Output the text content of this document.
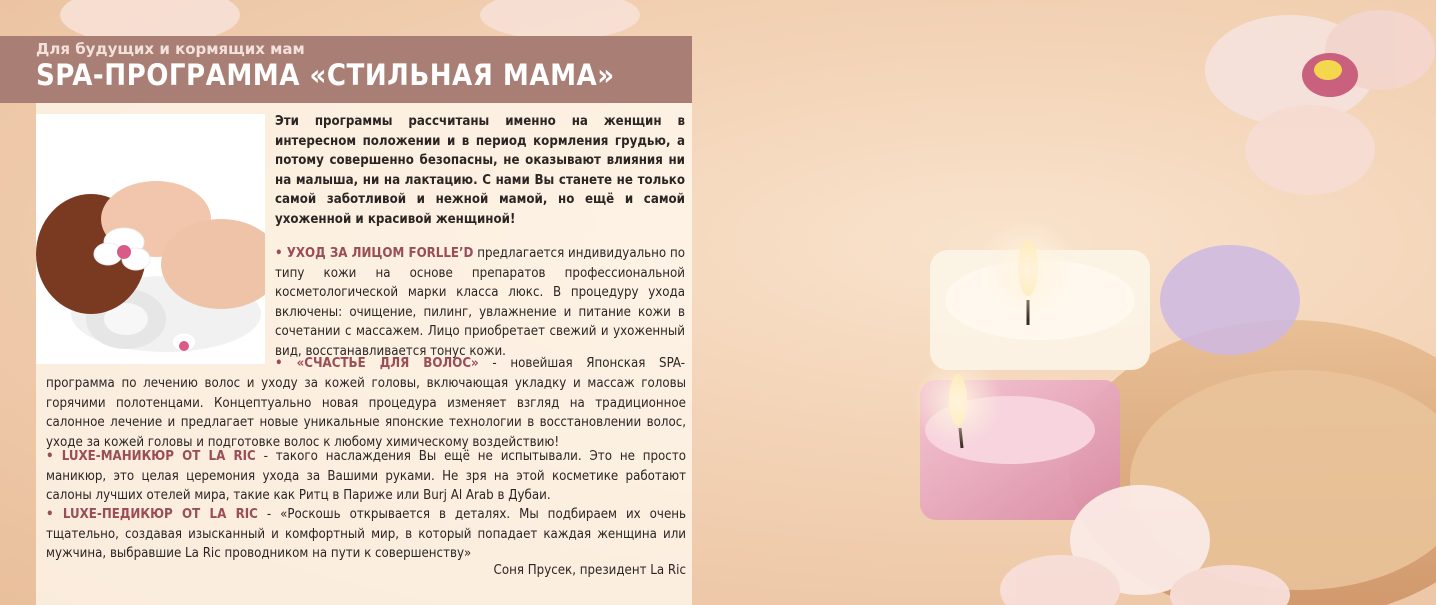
Для будущих и кормящих мам
SPA-ПРОГРАММА «СТИЛЬНАЯ МАМА»
Эти программы рассчитаны именно на женщин в интересном положении и в период кормления грудью, а потому совершенно безопасны, не оказывают влияния ни на малыша, ни на лактацию. С нами Вы станете не только самой заботливой и нежной мамой, но ещё и самой ухоженной и красивой женщиной!
• УХОД ЗА ЛИЦОМ FORLLE’D предлагается индивидуально по типу кожи на основе препаратов профессиональной косметологической марки класса люкс. В процедуру ухода включены: очищение, пилинг, увлажнение и питание кожи в сочетании с массажем. Лицо приобретает свежий и ухоженный вид, восстанавливается тонус кожи.
• «СЧАСТЬЕ ДЛЯ ВОЛОС» - новейшая Японская SPA-
программа по лечению волос и уходу за кожей головы, включающая укладку и массаж головы горячими полотенцами. Концептуально новая процедура изменяет взгляд на традиционное салонное лечение и предлагает новые уникальные японские технологии в восстановлении волос, уходе за кожей головы и подготовке волос к любому химическому воздействию!
• LUXE-МАНИКЮР ОТ LA RIC - такого наслаждения Вы ещё не испытывали. Это не просто маникюр, это целая церемония ухода за Вашими руками. Не зря на этой косметике работают салоны лучших отелей мира, такие как Ритц в Париже или Burj Al Arab в Дубаи.
• LUXE-ПЕДИКЮР ОТ LA RIC - «Роскошь открывается в деталях. Мы подбираем их очень тщательно, создавая изысканный и комфортный мир, в который попадает каждая женщина или мужчина, выбравшие La Ric проводником на пути к совершенству»
Соня Прусек, президент La Ric
